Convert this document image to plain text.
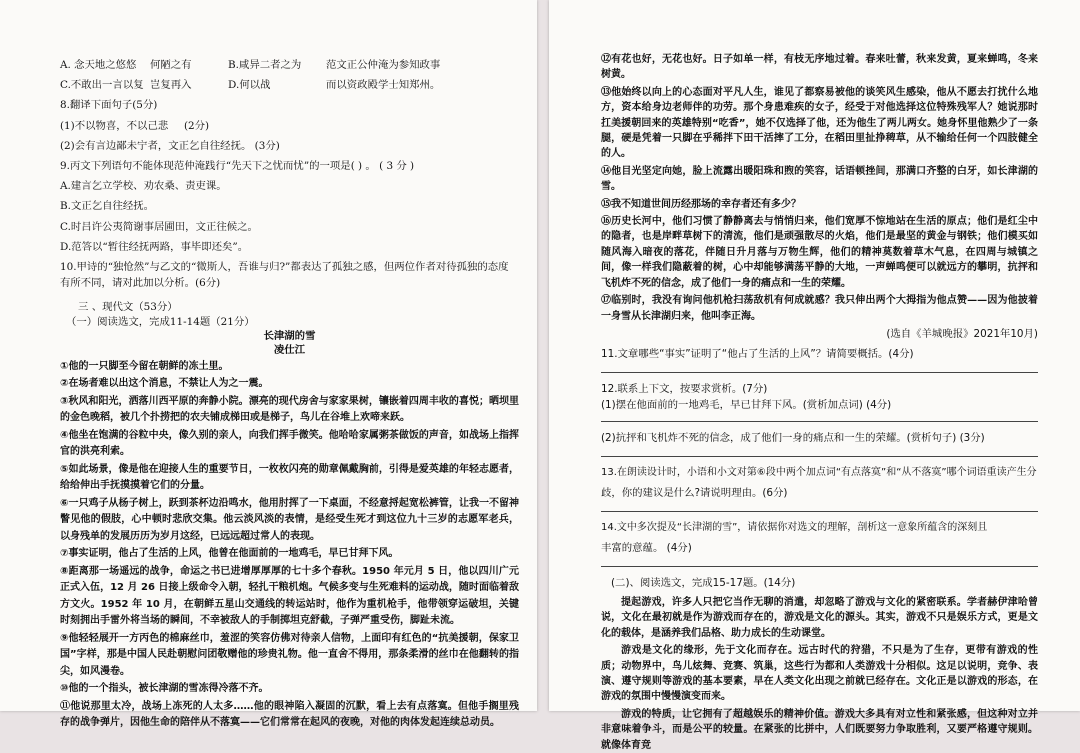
A. 念天地之悠悠 何陋之有	B.咸异二者之为 范文正公仲淹为参知政事
C.不敢出一言以复 岂复再入	D.何以战	而以资政殿学士知郑州。
8.翻译下面句子(5分)
(1)不以物喜，不以己悲 (2分)
(2)会有言边鄙未宁者，文正乞自往经抚。 (3分)
9.丙文下列语句不能体现范仲淹践行“先天下之忧而忧”的一项是( ) 。 ( 3 分 )
A.建言乞立学校、劝农桑、责吏课。
B.文正乞自往经抚。
C.时吕许公夷简谢事居圃田，文正往候之。
D.范答以“暂往经抚两路，事毕即还矣”。
10.甲诗的“独怆然”与乙文的“微斯人，吾谁与归?”都表达了孤独之感，但两位作者对待孤独的态度
有所不同，请对此加以分析。(6分)
三 、现代文（53分）
（一）阅读选文，完成11-14题（21分）
长津湖的雪
凌仕江
①他的一只脚至今留在朝鲜的冻土里。
②在场者难以出这个消息，不禁让人为之一震。
③秋风和阳光，洒落川西平原的奔静小院。漂亮的现代房舍与家家果树，镶嵌着四周丰收的喜悦；晒坝里的金色晚稻，被几个扑捞把的农夫铺成梯田或是梯子，鸟儿在谷堆上欢啼来跃。
④他坐在饱满的谷粒中央，像久别的亲人，向我们挥手微笑。他哈哈家属粥茶做饭的声音，如战场上指挥官的洪亮利索。
⑤如此场景，像是他在迎接人生的重要节日，一枚枚闪亮的勋章佩戴胸前，引得是爱英雄的年轻志愿者，给给伸出手抚摸摸着它们的分量。
⑥一只鸡子从杨子树上，跃到茶杯边沿鸣水，他用肘挥了一下桌面，不经意捋起宽松裤管，让我一不留神瞥见他的假肢，心中顿时悲欣交集。他云淡风淡的表情，是经受生死才到这位九十三岁的志愿军老兵，以身残单的发展历历为岁月这经，已远远超过常人的表现。
⑦事实证明，他占了生活的上风，他曾在他面前的一地鸡毛，早已甘拜下风。
⑧距离那一场遥远的战争，命运之书已进增厚厚厚的七十多个春秋。1950 年元月 5 日，他以四川广元正式入伍，12 月 26 日接上级命令入朝，轻扎干粮机炮。气候多变与生死难料的运动战，随时面临着敌方文火。1952 年 10 月，在朝鲜五星山交通线的转运站时，他作为重机枪手，他带领穿运破坦，关键时刻拥出手雷外将当场的瞬间，不幸被敌人的手制掷坦克舒截，子弹严重受伤，脚趾未流。
⑨他轻轻展开一方丙色的棉麻丝巾，羞涩的笑容仿佛对待亲人信物，上面印有红色的“抗美援朝，保家卫国”字样，那是中国人民赴朝慰问团敬赠他的珍贵礼物。他一直舍不得用，那条柔滑的丝巾在他翻转的指尖，如风漫卷。
⑩他的一个指头，被长津湖的雪冻得冷落不齐。
⑪他说那里太冷，战场上冻死的人太多……他的眼神陷入凝固的沉默，看上去有点落寞。但他手搁里残存的战争弹片，因他生命的陪伴从不落寞——它们常常在起风的夜晚，对他的肉体发起连续总动员。
⑫有花也好，无花也好。日子如单一样，有枝无序地过着。春来吐蕾，秋来发黄，夏来蝉鸣，冬来树黄。
⑬他始终以向上的心态面对平凡人生，谁见了都察易被他的谈笑风生感染，他从不愿去打扰什么地方，资本给身边老师伴的功劳。那个身患难疾的女子，经受于对他选择这位特殊残军人？她说那时扛美援朝回来的英雄特别“吃香”，她不仅选择了他，还为他生了两儿两女。她身怀里他熟少了一条腿，硬是凭着一只脚在乎稀拌下田干活摔了工分，在稻田里扯挣稗草，从不输给任何一个四肢健全的人。
⑭他目光坚定向她，脸上流露出暖阳珠和煦的笑容，话语顿挫间，那满口齐整的白牙，如长津湖的雪。
⑮我不知道世间历经那场的幸存者还有多少？
⑯历史长河中，他们习惯了静静离去与悄悄归来，他们宽厚不惊地站在生活的原点；他们是红尘中的隐者，也是岸畔草树下的清流，他们是顽强散尽的火焰，他们是最坚的黄金与钢铁；他们模买如随风海入暗夜的落花，伴随日升月落与万物生辉，他们的精神莫数着草木气息，在四周与城镇之间，像一样我们隐蔽着的树，心中却能够满荡平静的大地，一声蝉鸣便可以就远方的攀明，抗抨和飞机炸不死的信念，成了他们一身的痛点和一生的荣耀。
⑰临别时，我没有询问他机枪扫荡敌机有何成就感？我只伸出两个大拇指为他点赞——因为他披着一身雪从长津湖归来，他叫李正海。
(选自《羊城晚报》2021年10月)
11.文章哪些“事实”证明了“他占了生活的上风”？请简要概括。(4分)
12.联系上下文，按要求赏析。(7分)
(1)摆在他面前的一地鸡毛，早已甘拜下风。(赏析加点词) (4分)
(2)抗抨和飞机炸不死的信念，成了他们一身的痛点和一生的荣耀。(赏析句子) (3分)
13.在朗读设计时，小语和小文对第⑥段中两个加点词“有点落寞”和“从不落寞”哪个词语重读产生分
歧，你的建议是什么?请说明理由。(6分)
14.文中多次提及“长津湖的雪”，请依据你对选文的理解，剖析这一意象所蕴含的深刻且
丰富的意蕴。 (4分)
(二)、阅读选文，完成15-17题。(14分)
提起游戏，许多人只把它当作无聊的消遣，却忽略了游戏与文化的紧密联系。学者赫伊津哈曾说，文化在最初就是作为游戏而存在的，游戏是文化的源头。其实，游戏不只是娱乐方式，更是文化的载体，是涵养我们品格、助力成长的生动课堂。
游戏是文化的缘形，先于文化而存在。远古时代的狩猎，不只是为了生存，更带有游戏的性质；动物界中，鸟儿炫舞、竞赛、筑巢，这些行为都和人类游戏十分相似。这足以说明，竞争、表演、遵守规则等游戏的基本要素，早在人类文化出现之前就已经存在。文化正是以游戏的形态，在游戏的氛围中慢慢演变而来。
游戏的特质，让它拥有了超越娱乐的精神价值。游戏大多具有对立性和紧张感，但这种对立并非意味着争斗，而是公平的较量。在紧张的比拼中，人们既要努力争取胜利，又要严格遵守规则。就像体育竞
